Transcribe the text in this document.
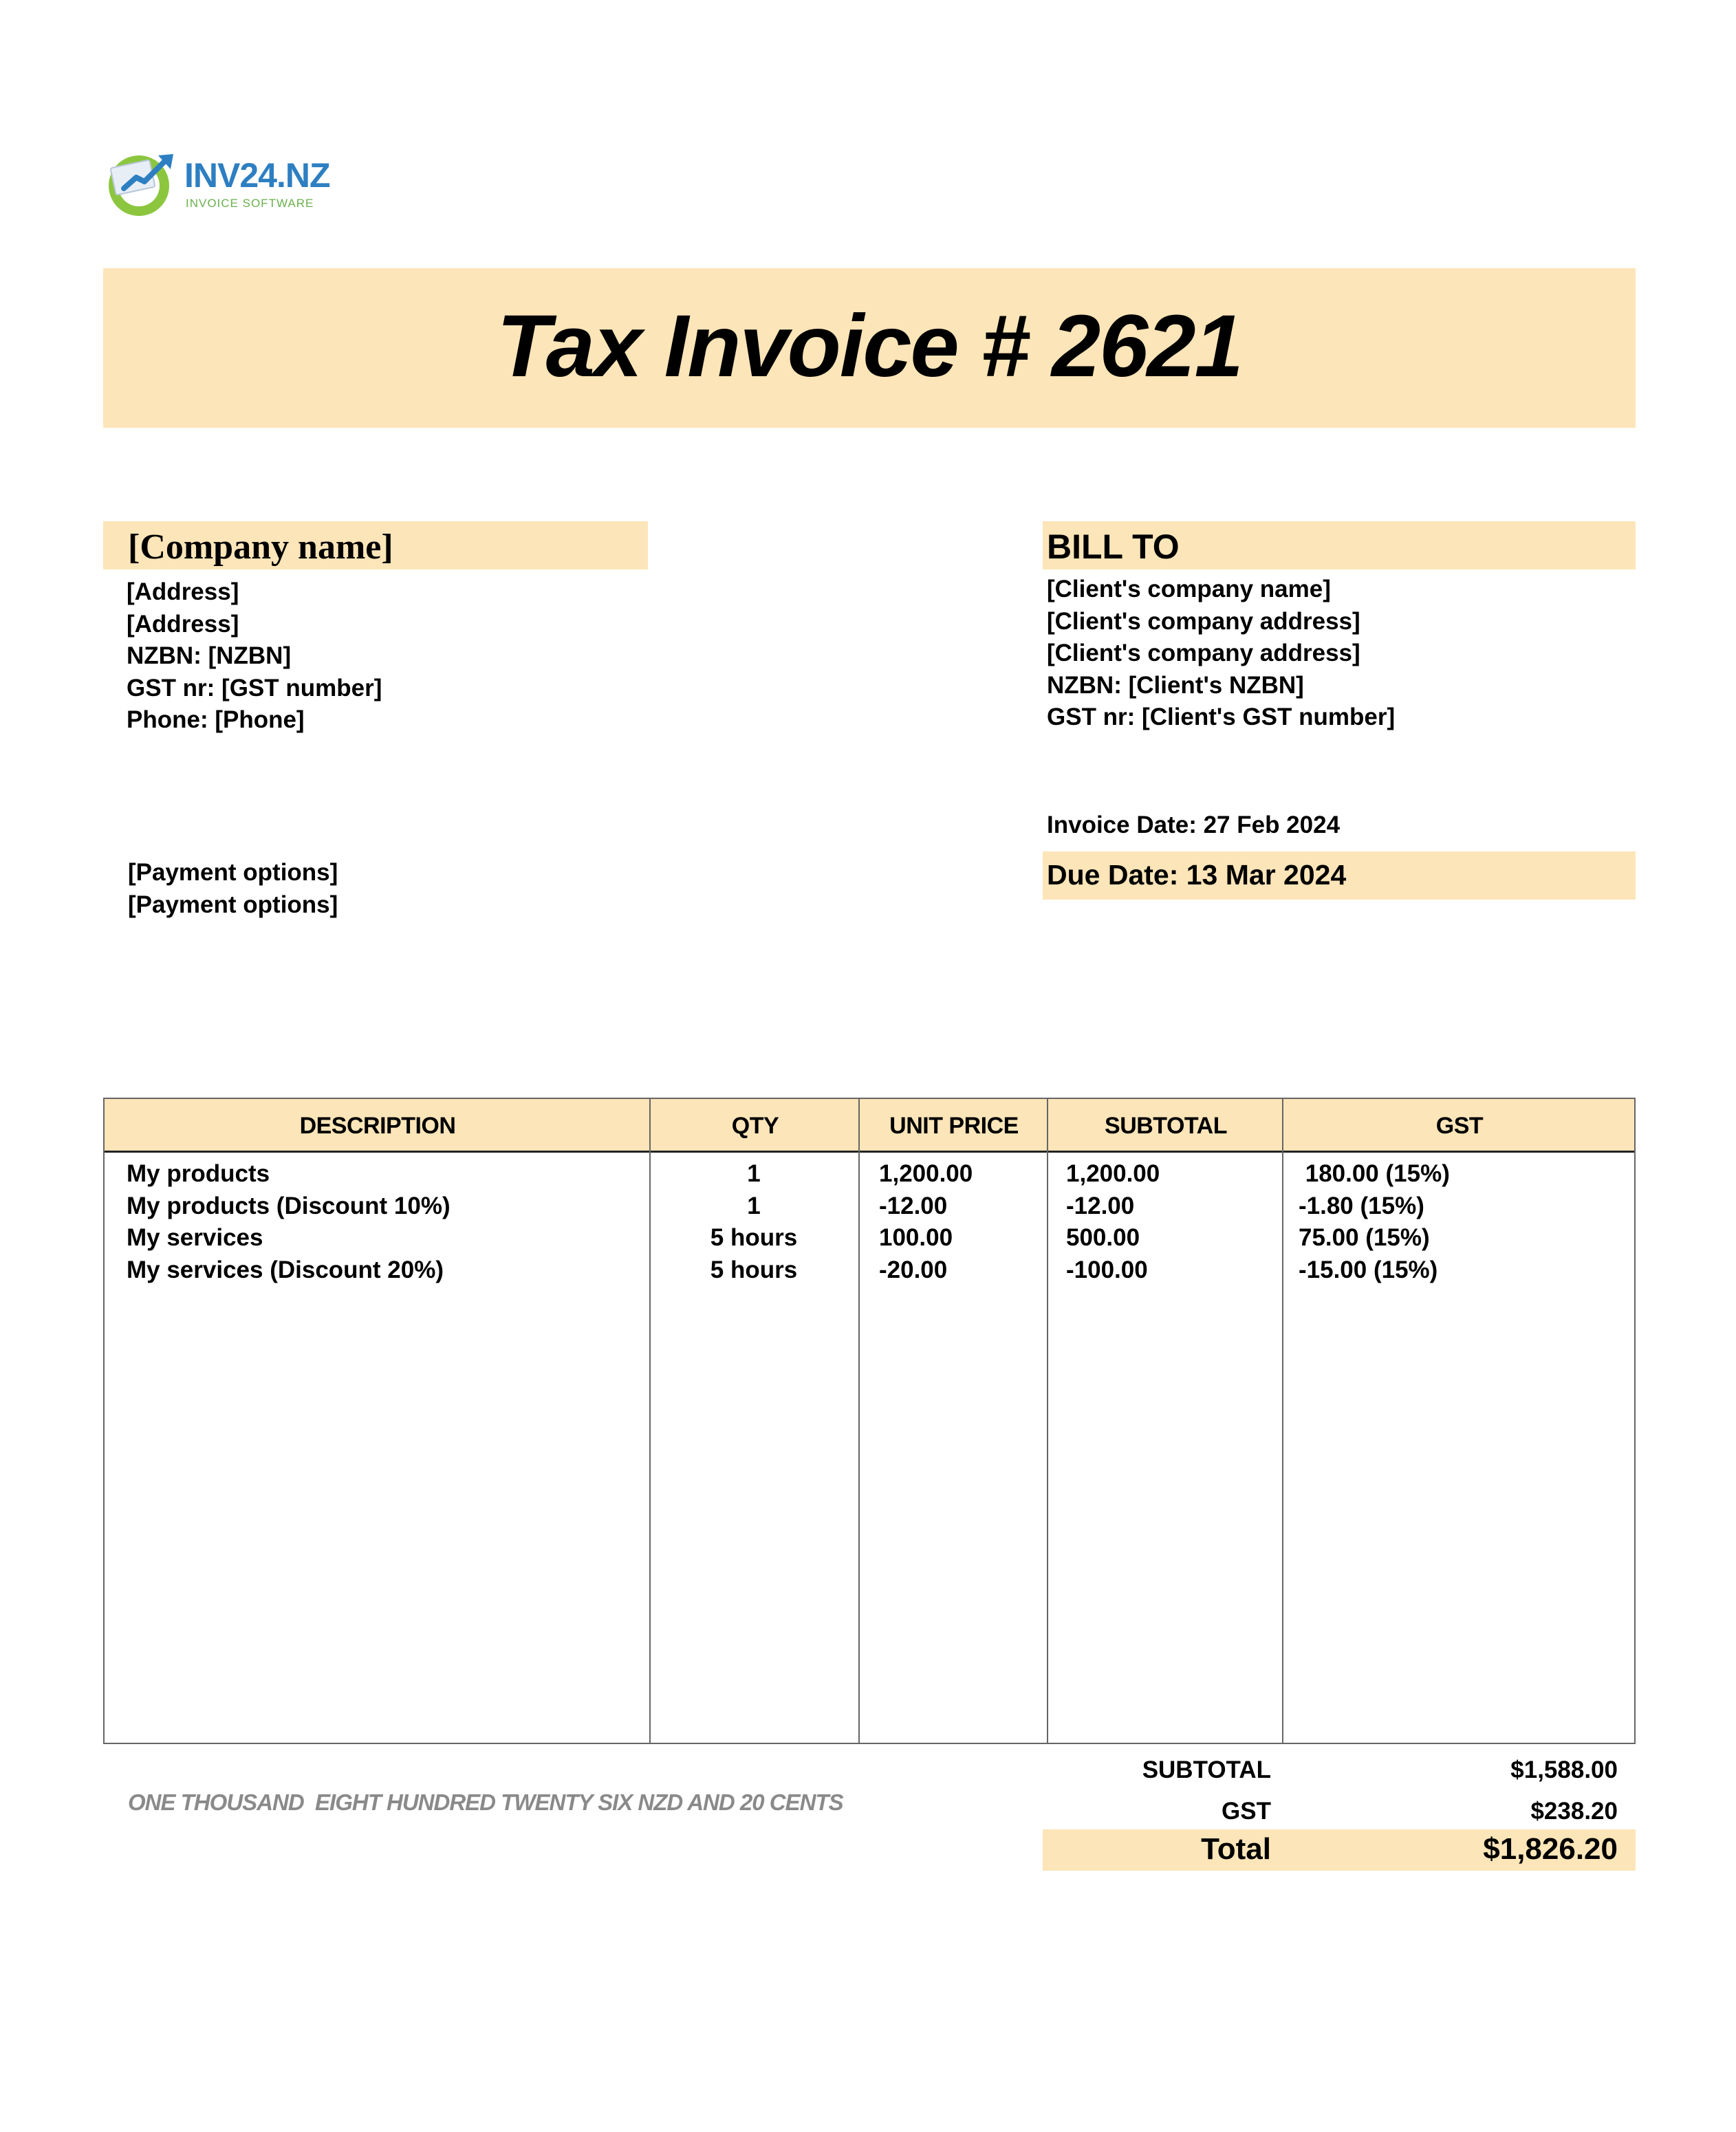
INV24.NZ
INVOICE SOFTWARE
Tax Invoice # 2621
[Company name]
[Address]
[Address]
NZBN: [NZBN]
GST nr: [GST number]
Phone: [Phone]
BILL TO
[Client's company name]
[Client's company address]
[Client's company address]
NZBN: [Client's NZBN]
GST nr: [Client's GST number]
Invoice Date: 27 Feb 2024
Due Date: 13 Mar 2024
[Payment options]
[Payment options]
DESCRIPTION	QTY	UNIT PRICE	SUBTOTAL	GST
My products	1	1,200.00	1,200.00	180.00 (15%)
My products (Discount 10%)	1	-12.00	-12.00	-1.80 (15%)
My services	5 hours	100.00	500.00	75.00 (15%)
My services (Discount 20%)	5 hours	-20.00	-100.00	-15.00 (15%)
ONE THOUSAND  EIGHT HUNDRED TWENTY SIX NZD AND 20 CENTS
SUBTOTAL	$1,588.00
GST	$238.20
Total	$1,826.20
